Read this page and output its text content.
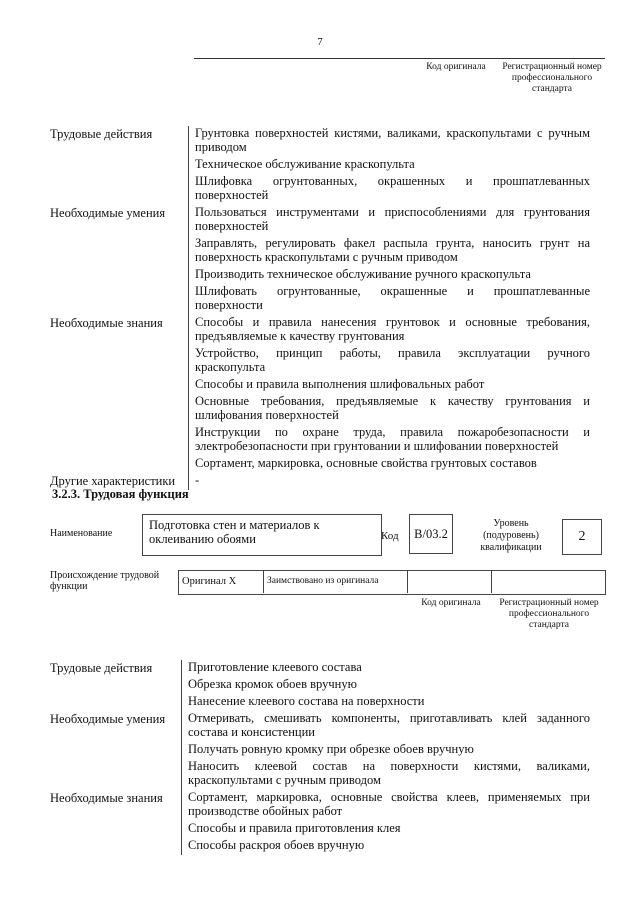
7
Код оригинала	Регистрационный номер профессионального стандарта
Трудовые действия	Грунтовка поверхностей кистями, валиками, краскопультами с ручным приводом
Техническое обслуживание краскопульта
Шлифовка огрунтованных, окрашенных и прошпатлеванных поверхностей
Необходимые умения	Пользоваться инструментами и приспособлениями для грунтования поверхностей
Заправлять, регулировать факел распыла грунта, наносить грунт на поверхность краскопультами с ручным приводом
Производить техническое обслуживание ручного краскопульта
Шлифовать огрунтованные, окрашенные и прошпатлеванные поверхности
Необходимые знания	Способы и правила нанесения грунтовок и основные требования, предъявляемые к качеству грунтования
Устройство, принцип работы, правила эксплуатации ручного краскопульта
Способы и правила выполнения шлифовальных работ
Основные требования, предъявляемые к качеству грунтования и шлифования поверхностей
Инструкции по охране труда, правила пожаробезопасности и электробезопасности при грунтовании и шлифовании поверхностей
Сортамент, маркировка, основные свойства грунтовых составов
Другие характеристики	-
3.2.3. Трудовая функция
Наименование
Подготовка стен и материалов к оклеиванию обоями	Код	B/03.2
Уровень (подуровень) квалификации
2
Происхождение трудовой функции	Оригинал X	Заимствовано из оригинала
Код оригинала	Регистрационный номер профессионального стандарта
Трудовые действия	Приготовление клеевого состава
Обрезка кромок обоев вручную
Нанесение клеевого состава на поверхности
Необходимые умения	Отмеривать, смешивать компоненты, приготавливать клей заданного состава и консистенции
Получать ровную кромку при обрезке обоев вручную
Наносить клеевой состав на поверхности кистями, валиками, краскопультами с ручным приводом
Необходимые знания	Сортамент, маркировка, основные свойства клеев, применяемых при производстве обойных работ
Способы и правила приготовления клея
Способы раскроя обоев вручную
